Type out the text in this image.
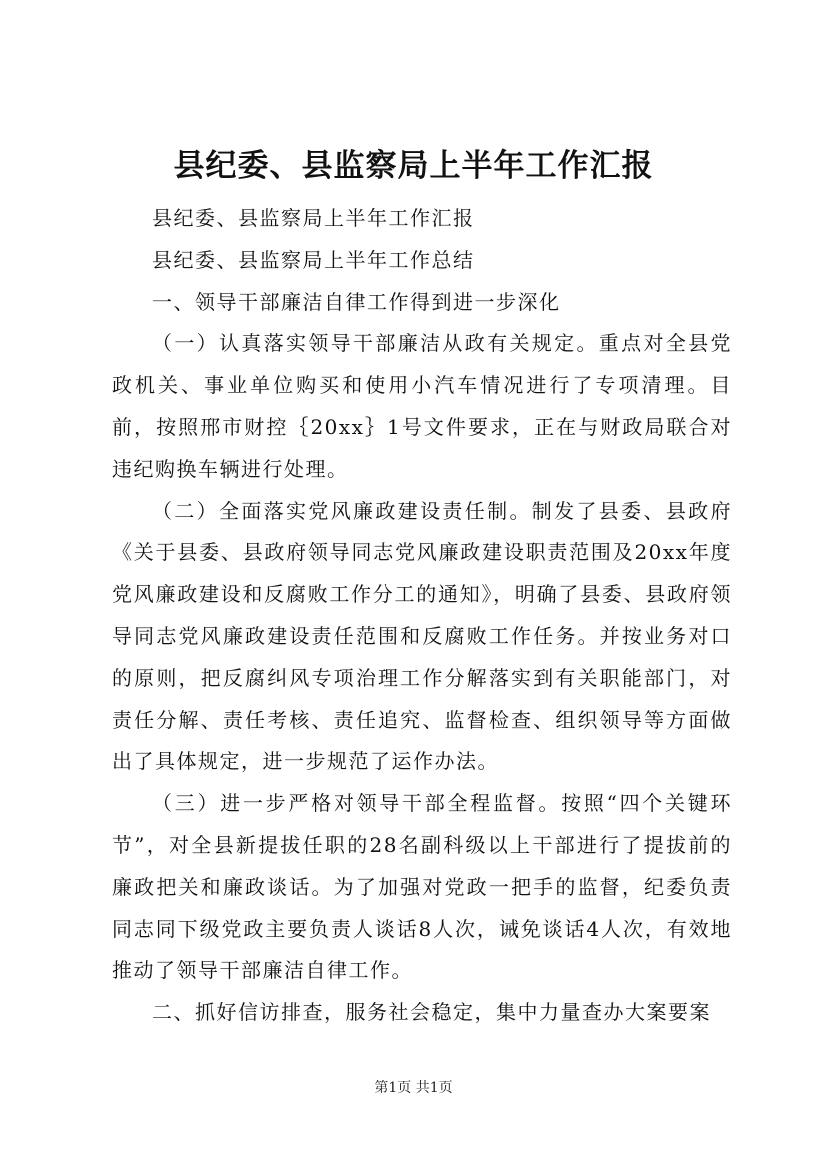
县纪委、县监察局上半年工作汇报

县纪委、县监察局上半年工作汇报

县纪委、县监察局上半年工作总结

一、领导干部廉洁自律工作得到进一步深化

（一）认真落实领导干部廉洁从政有关规定。重点对全县党政机关、事业单位购买和使用小汽车情况进行了专项清理。目前，按照邢市财控｛20xx｝1号文件要求，正在与财政局联合对违纪购换车辆进行处理。

（二）全面落实党风廉政建设责任制。制发了县委、县政府《关于县委、县政府领导同志党风廉政建设职责范围及20xx年度党风廉政建设和反腐败工作分工的通知》，明确了县委、县政府领导同志党风廉政建设责任范围和反腐败工作任务。并按业务对口的原则，把反腐纠风专项治理工作分解落实到有关职能部门，对责任分解、责任考核、责任追究、监督检查、组织领导等方面做出了具体规定，进一步规范了运作办法。

（三）进一步严格对领导干部全程监督。按照“四个关键环节”，对全县新提拔任职的28名副科级以上干部进行了提拔前的廉政把关和廉政谈话。为了加强对党政一把手的监督，纪委负责同志同下级党政主要负责人谈话8人次，诫免谈话4人次，有效地推动了领导干部廉洁自律工作。

二、抓好信访排查，服务社会稳定，集中力量查办大案要案

第1页 共1页
